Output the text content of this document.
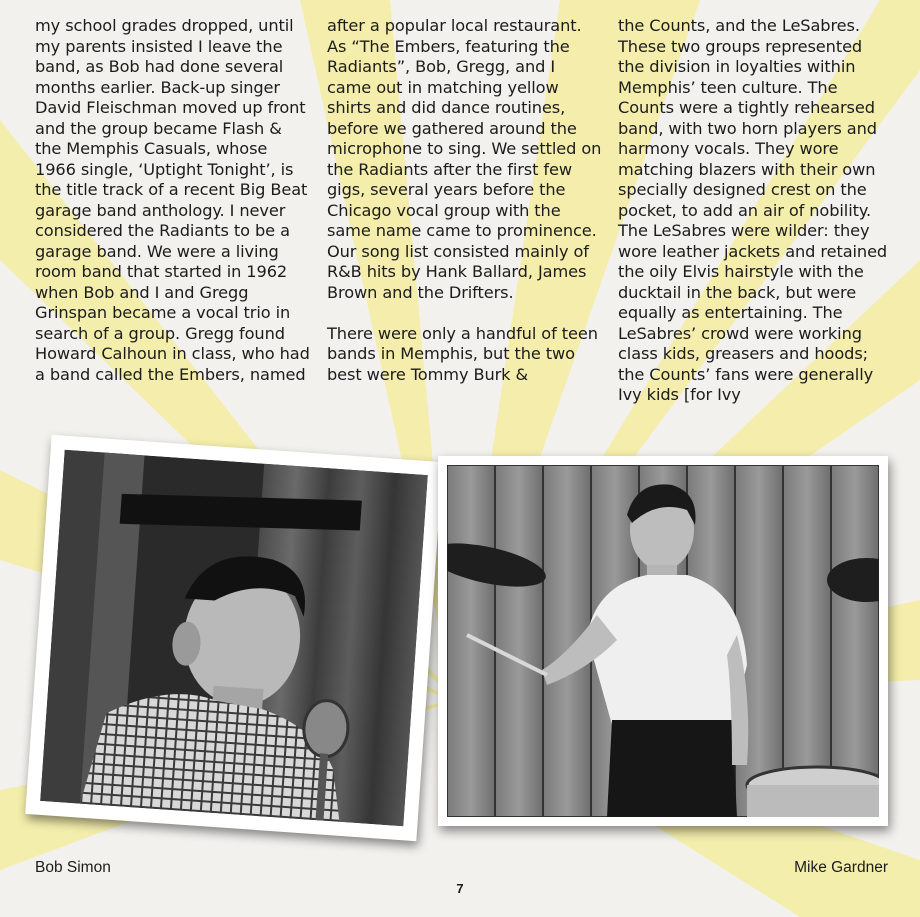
my school grades dropped, until my parents insisted I leave the band, as Bob had done several months earlier. Back-up singer David Fleischman moved up front and the group became Flash & the Memphis Casuals, whose 1966 single, ‘Uptight Tonight’, is the title track of a recent Big Beat garage band anthology. I never considered the Radiants to be a garage band. We were a living room band that started in 1962 when Bob and I and Gregg Grinspan became a vocal trio in search of a group. Gregg found Howard Calhoun in class, who had a band called the Embers, named

after a popular local restaurant. As “The Embers, featuring the Radiants”, Bob, Gregg, and I came out in matching yellow shirts and did dance routines, before we gathered around the microphone to sing. We settled on the Radiants after the first few gigs, several years before the Chicago vocal group with the same name came to prominence. Our song list consisted mainly of R&B hits by Hank Ballard, James Brown and the Drifters.

There were only a handful of teen bands in Memphis, but the two best were Tommy Burk &

the Counts, and the LeSabres. These two groups represented the division in loyalties within Memphis’ teen culture. The Counts were a tightly rehearsed band, with two horn players and harmony vocals. They wore matching blazers with their own specially designed crest on the pocket, to add an air of nobility. The LeSabres were wilder: they wore leather jackets and retained the oily Elvis hairstyle with the ducktail in the back, but were equally as entertaining. The LeSabres’ crowd were working class kids, greasers and hoods; the Counts’ fans were generally Ivy kids [for Ivy

Bob Simon	Mike Gardner
7
